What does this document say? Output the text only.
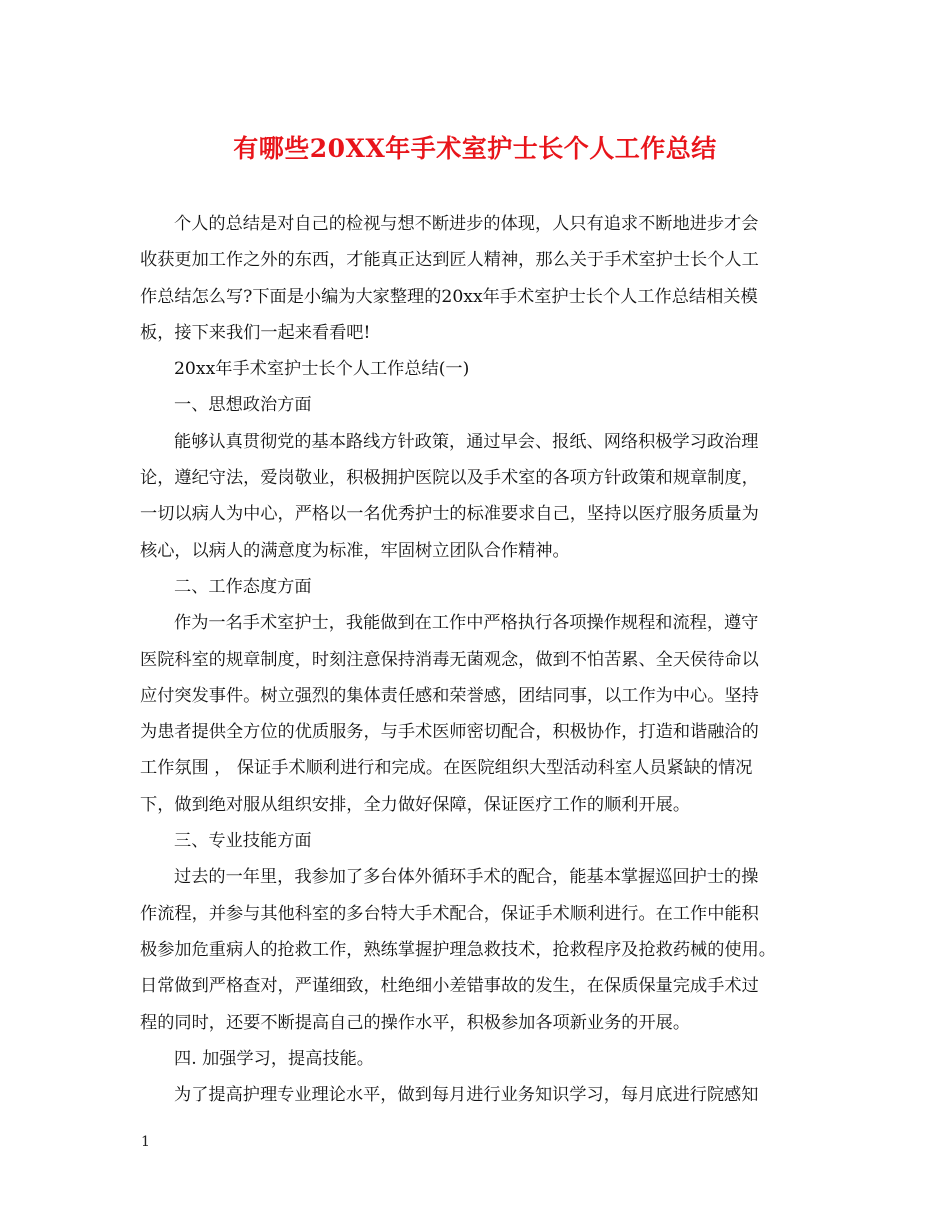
有哪些20XX年手术室护士长个人工作总结
个人的总结是对自己的检视与想不断进步的体现，人只有追求不断地进步才会
收获更加工作之外的东西，才能真正达到匠人精神，那么关于手术室护士长个人工
作总结怎么写?下面是小编为大家整理的20xx年手术室护士长个人工作总结相关模
板，接下来我们一起来看看吧!
20xx年手术室护士长个人工作总结(一)
一、思想政治方面
能够认真贯彻党的基本路线方针政策，通过早会、报纸、网络积极学习政治理
论，遵纪守法，爱岗敬业，积极拥护医院以及手术室的各项方针政策和规章制度，
一切以病人为中心，严格以一名优秀护士的标准要求自己，坚持以医疗服务质量为
核心，以病人的满意度为标准，牢固树立团队合作精神。
二、工作态度方面
作为一名手术室护士，我能做到在工作中严格执行各项操作规程和流程，遵守
医院科室的规章制度，时刻注意保持消毒无菌观念，做到不怕苦累、全天侯待命以
应付突发事件。树立强烈的集体责任感和荣誉感，团结同事，以工作为中心。坚持
为患者提供全方位的优质服务，与手术医师密切配合，积极协作，打造和谐融洽的
工作氛围 ， 保证手术顺利进行和完成。在医院组织大型活动科室人员紧缺的情况
下，做到绝对服从组织安排，全力做好保障，保证医疗工作的顺利开展。
三、专业技能方面
过去的一年里，我参加了多台体外循环手术的配合，能基本掌握巡回护士的操
作流程，并参与其他科室的多台特大手术配合，保证手术顺利进行。在工作中能积
极参加危重病人的抢救工作，熟练掌握护理急救技术，抢救程序及抢救药械的使用。
日常做到严格查对，严谨细致，杜绝细小差错事故的发生，在保质保量完成手术过
程的同时，还要不断提高自己的操作水平，积极参加各项新业务的开展。
四. 加强学习，提高技能。
为了提高护理专业理论水平，做到每月进行业务知识学习，每月底进行院感知
1
